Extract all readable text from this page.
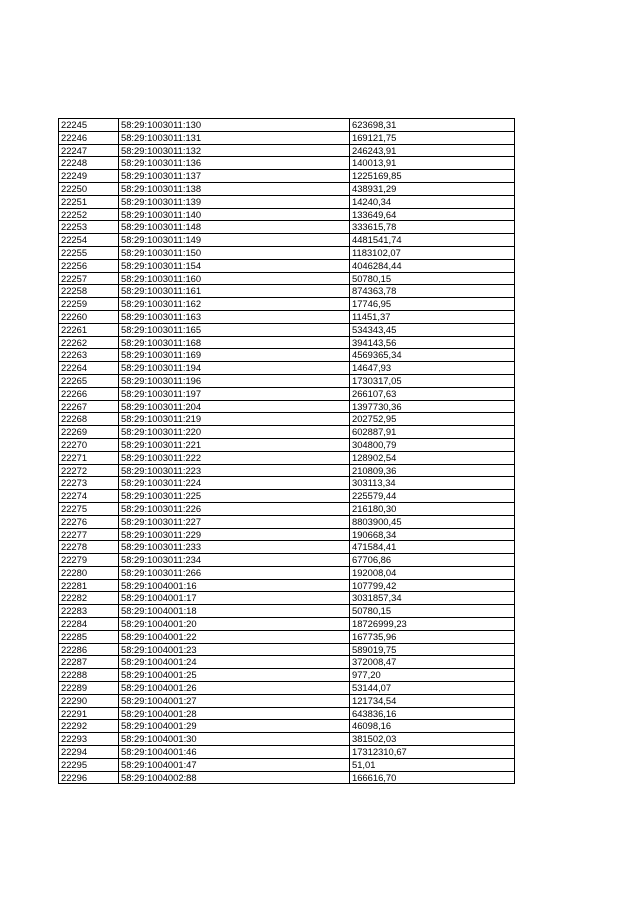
22245	58:29:1003011:130	623698,31
22246	58:29:1003011:131	169121,75
22247	58:29:1003011:132	246243,91
22248	58:29:1003011:136	140013,91
22249	58:29:1003011:137	1225169,85
22250	58:29:1003011:138	438931,29
22251	58:29:1003011:139	14240,34
22252	58:29:1003011:140	133649,64
22253	58:29:1003011:148	333615,78
22254	58:29:1003011:149	4481541,74
22255	58:29:1003011:150	1183102,07
22256	58:29:1003011:154	4046284,44
22257	58:29:1003011:160	50780,15
22258	58:29:1003011:161	874363,78
22259	58:29:1003011:162	17746,95
22260	58:29:1003011:163	11451,37
22261	58:29:1003011:165	534343,45
22262	58:29:1003011:168	394143,56
22263	58:29:1003011:169	4569365,34
22264	58:29:1003011:194	14647,93
22265	58:29:1003011:196	1730317,05
22266	58:29:1003011:197	266107,63
22267	58:29:1003011:204	1397730,36
22268	58:29:1003011:219	202752,95
22269	58:29:1003011:220	602887,91
22270	58:29:1003011:221	304800,79
22271	58:29:1003011:222	128902,54
22272	58:29:1003011:223	210809,36
22273	58:29:1003011:224	303113,34
22274	58:29:1003011:225	225579,44
22275	58:29:1003011:226	216180,30
22276	58:29:1003011:227	8803900,45
22277	58:29:1003011:229	190668,34
22278	58:29:1003011:233	471584,41
22279	58:29:1003011:234	67706,86
22280	58:29:1003011:266	192008,04
22281	58:29:1004001:16	107799,42
22282	58:29:1004001:17	3031857,34
22283	58:29:1004001:18	50780,15
22284	58:29:1004001:20	18726999,23
22285	58:29:1004001:22	167735,96
22286	58:29:1004001:23	589019,75
22287	58:29:1004001:24	372008,47
22288	58:29:1004001:25	977,20
22289	58:29:1004001:26	53144,07
22290	58:29:1004001:27	121734,54
22291	58:29:1004001:28	643836,16
22292	58:29:1004001:29	46098,16
22293	58:29:1004001:30	381502,03
22294	58:29:1004001:46	17312310,67
22295	58:29:1004001:47	51,01
22296	58:29:1004002:88	166616,70
